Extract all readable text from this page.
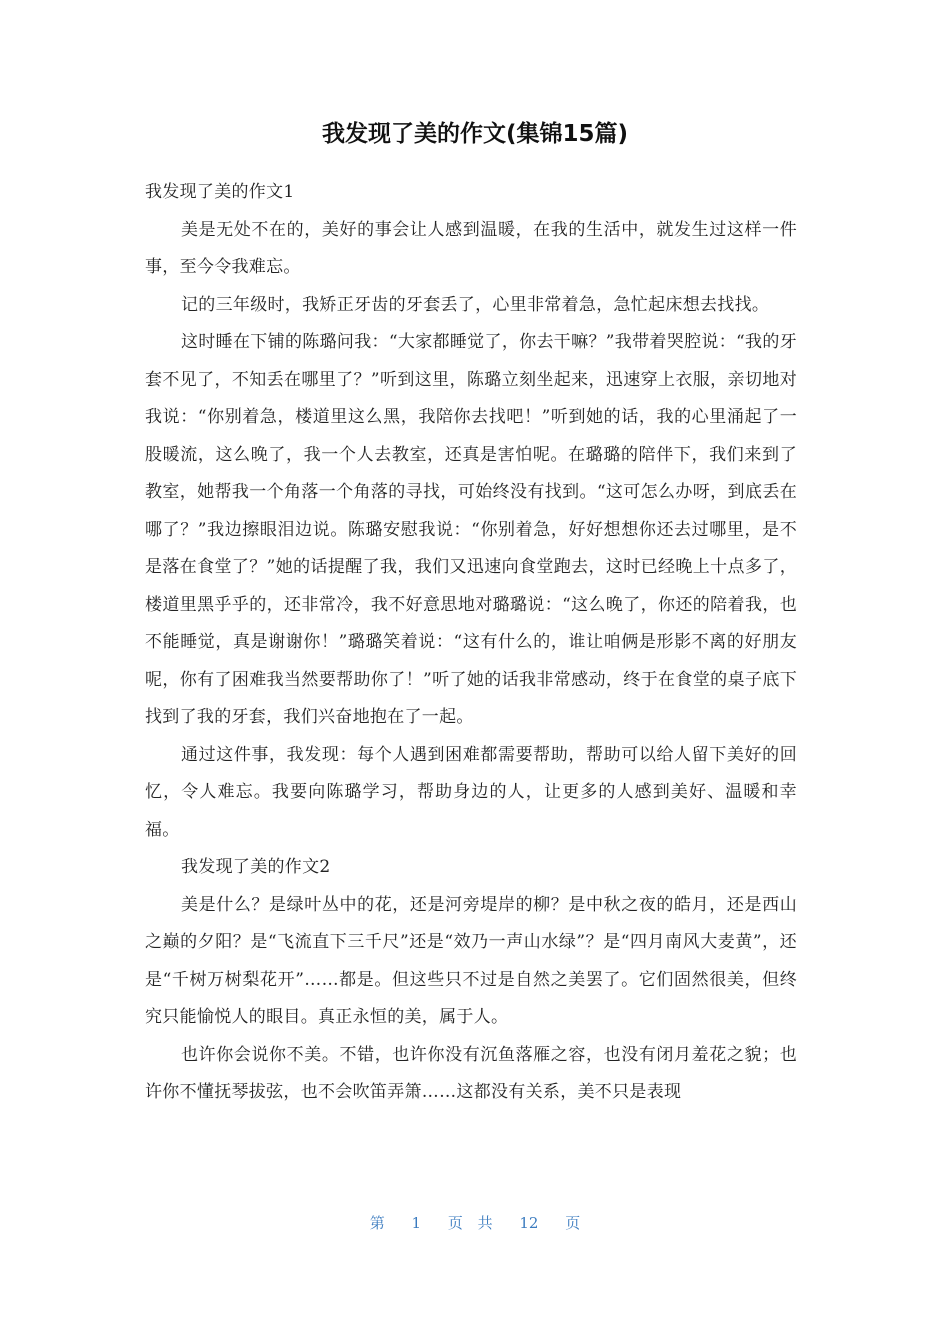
我发现了美的作文(集锦15篇)

我发现了美的作文1

美是无处不在的，美好的事会让人感到温暖，在我的生活中，就发生过这样一件事，至今令我难忘。

记的三年级时，我矫正牙齿的牙套丢了，心里非常着急，急忙起床想去找找。

这时睡在下铺的陈璐问我：“大家都睡觉了，你去干嘛？”我带着哭腔说：“我的牙套不见了，不知丢在哪里了？”听到这里，陈璐立刻坐起来，迅速穿上衣服，亲切地对我说：“你别着急，楼道里这么黑，我陪你去找吧！”听到她的话，我的心里涌起了一股暖流，这么晚了，我一个人去教室，还真是害怕呢。在璐璐的陪伴下，我们来到了教室，她帮我一个角落一个角落的寻找，可始终没有找到。“这可怎么办呀，到底丢在哪了？”我边擦眼泪边说。陈璐安慰我说：“你别着急，好好想想你还去过哪里，是不是落在食堂了？”她的话提醒了我，我们又迅速向食堂跑去，这时已经晚上十点多了，楼道里黑乎乎的，还非常冷，我不好意思地对璐璐说：“这么晚了，你还的陪着我，也不能睡觉，真是谢谢你！”璐璐笑着说：“这有什么的，谁让咱俩是形影不离的好朋友呢，你有了困难我当然要帮助你了！”听了她的话我非常感动，终于在食堂的桌子底下找到了我的牙套，我们兴奋地抱在了一起。

通过这件事，我发现：每个人遇到困难都需要帮助，帮助可以给人留下美好的回忆，令人难忘。我要向陈璐学习，帮助身边的人，让更多的人感到美好、温暖和幸福。

我发现了美的作文2

美是什么？是绿叶丛中的花，还是河旁堤岸的柳？是中秋之夜的皓月，还是西山之巅的夕阳？是“飞流直下三千尺”还是“效乃一声山水绿”？是“四月南风大麦黄”，还是“千树万树梨花开”……都是。但这些只不过是自然之美罢了。它们固然很美，但终究只能愉悦人的眼目。真正永恒的美，属于人。

也许你会说你不美。不错，也许你没有沉鱼落雁之容，也没有闭月羞花之貌；也许你不懂抚琴拔弦，也不会吹笛弄箫……这都没有关系，美不只是表现

第 1 页 共 12 页
